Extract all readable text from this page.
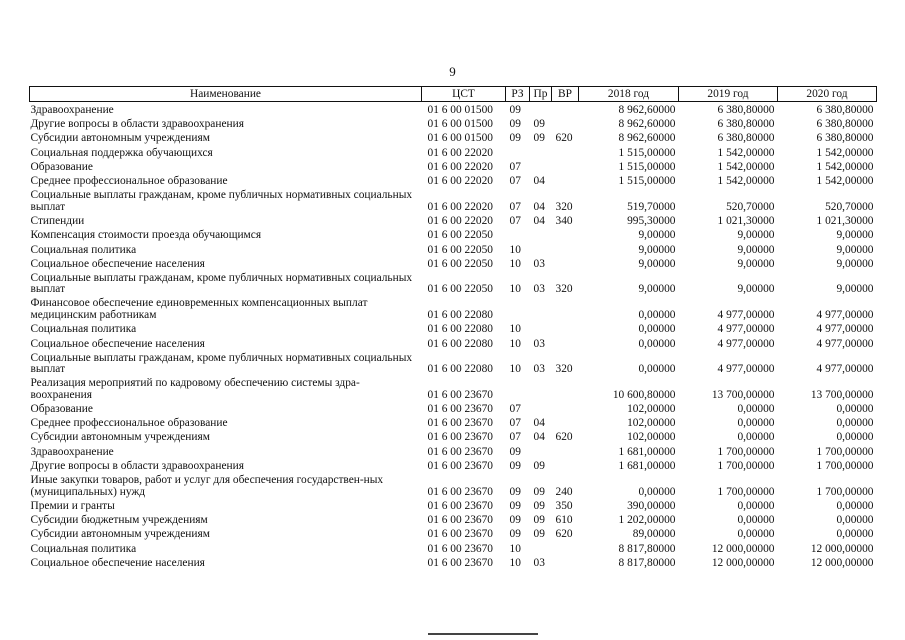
9
Наименование	ЦСТ	РЗ	Пр	ВР	2018 год	2019 год	2020 год
Здравоохранение	01 6 00 01500	09			8 962,60000	6 380,80000	6 380,80000
Другие вопросы в области здравоохранения	01 6 00 01500	09	09		8 962,60000	6 380,80000	6 380,80000
Субсидии автономным учреждениям	01 6 00 01500	09	09	620	8 962,60000	6 380,80000	6 380,80000
Социальная поддержка обучающихся	01 6 00 22020				1 515,00000	1 542,00000	1 542,00000
Образование	01 6 00 22020	07			1 515,00000	1 542,00000	1 542,00000
Среднее профессиональное образование	01 6 00 22020	07	04		1 515,00000	1 542,00000	1 542,00000
Социальные выплаты гражданам, кроме публичных нормативных социальных выплат	01 6 00 22020	07	04	320	519,70000	520,70000	520,70000
Стипендии	01 6 00 22020	07	04	340	995,30000	1 021,30000	1 021,30000
Компенсация стоимости проезда обучающимся	01 6 00 22050				9,00000	9,00000	9,00000
Социальная политика	01 6 00 22050	10			9,00000	9,00000	9,00000
Социальное обеспечение населения	01 6 00 22050	10	03		9,00000	9,00000	9,00000
Социальные выплаты гражданам, кроме публичных нормативных социальных выплат	01 6 00 22050	10	03	320	9,00000	9,00000	9,00000
Финансовое обеспечение единовременных компенсационных выплат медицинским работникам	01 6 00 22080				0,00000	4 977,00000	4 977,00000
Социальная политика	01 6 00 22080	10			0,00000	4 977,00000	4 977,00000
Социальное обеспечение населения	01 6 00 22080	10	03		0,00000	4 977,00000	4 977,00000
Социальные выплаты гражданам, кроме публичных нормативных социальных выплат	01 6 00 22080	10	03	320	0,00000	4 977,00000	4 977,00000
Реализация мероприятий по кадровому обеспечению системы здра-воохранения	01 6 00 23670				10 600,80000	13 700,00000	13 700,00000
Образование	01 6 00 23670	07			102,00000	0,00000	0,00000
Среднее профессиональное образование	01 6 00 23670	07	04		102,00000	0,00000	0,00000
Субсидии автономным учреждениям	01 6 00 23670	07	04	620	102,00000	0,00000	0,00000
Здравоохранение	01 6 00 23670	09			1 681,00000	1 700,00000	1 700,00000
Другие вопросы в области здравоохранения	01 6 00 23670	09	09		1 681,00000	1 700,00000	1 700,00000
Иные закупки товаров, работ и услуг для обеспечения государствен-ных (муниципальных) нужд	01 6 00 23670	09	09	240	0,00000	1 700,00000	1 700,00000
Премии и гранты	01 6 00 23670	09	09	350	390,00000	0,00000	0,00000
Субсидии бюджетным учреждениям	01 6 00 23670	09	09	610	1 202,00000	0,00000	0,00000
Субсидии автономным учреждениям	01 6 00 23670	09	09	620	89,00000	0,00000	0,00000
Социальная политика	01 6 00 23670	10			8 817,80000	12 000,00000	12 000,00000
Социальное обеспечение населения	01 6 00 23670	10	03		8 817,80000	12 000,00000	12 000,00000
